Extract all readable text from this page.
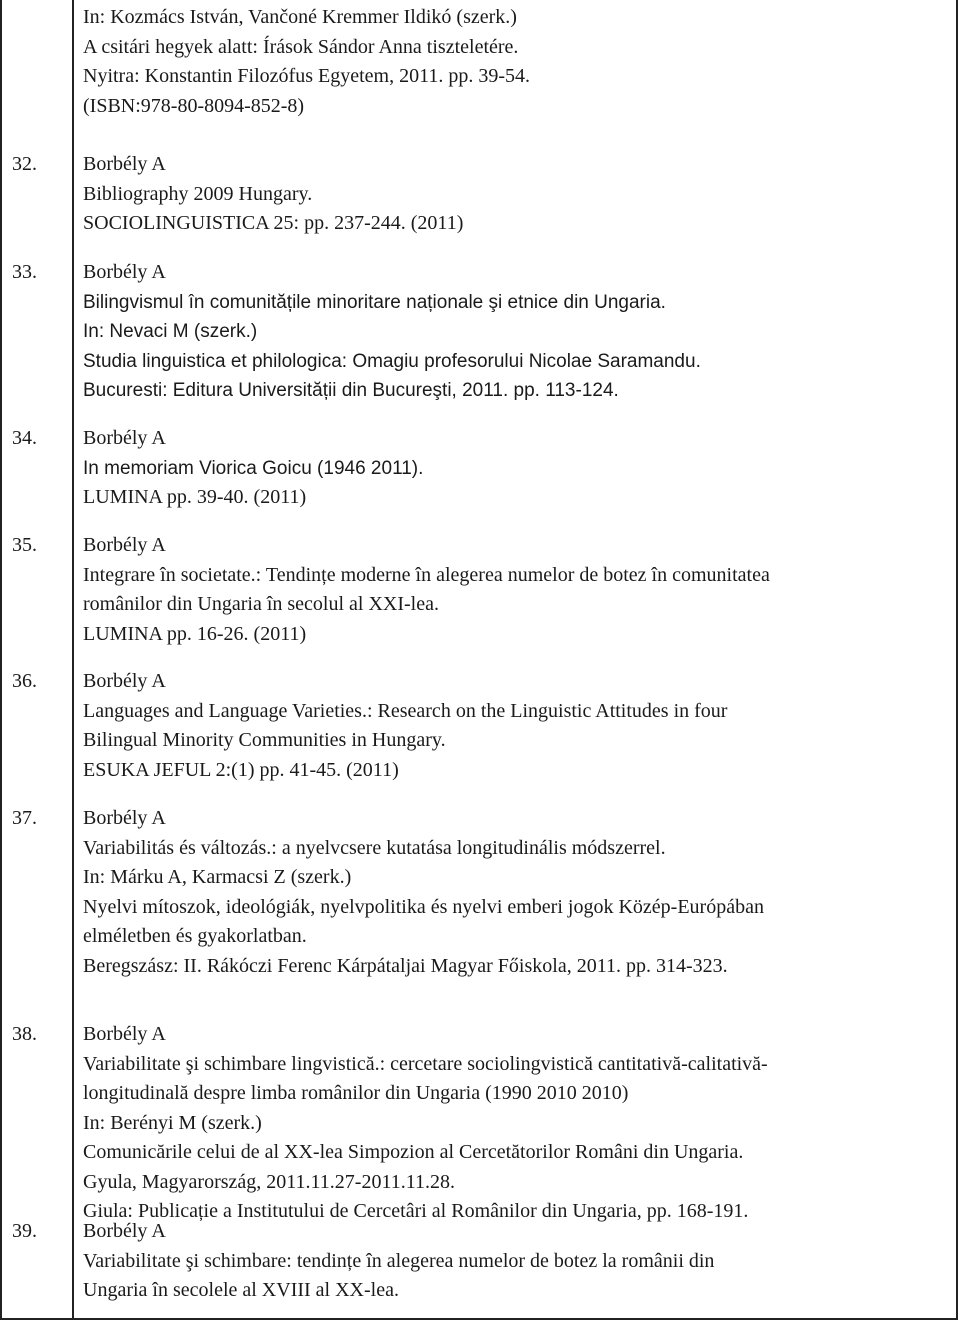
In: Kozmács István, Vančoné Kremmer Ildikó (szerk.)
A csitári hegyek alatt: Írások Sándor Anna tiszteletére.
Nyitra: Konstantin Filozófus Egyetem, 2011. pp. 39-54.
(ISBN:978-80-8094-852-8)
32. Borbély A
Bibliography 2009 Hungary.
SOCIOLINGUISTICA 25: pp. 237-244. (2011)
33. Borbély A
Bilingvismul în comunitățile minoritare naționale şi etnice din Ungaria.
In: Nevaci M (szerk.)
Studia linguistica et philologica: Omagiu profesorului Nicolae Saramandu.
Bucuresti: Editura Universității din Bucureşti, 2011. pp. 113-124.
34. Borbély A
In memoriam Viorica Goicu (1946 2011).
LUMINA pp. 39-40. (2011)
35. Borbély A
Integrare în societate.: Tendințe moderne în alegerea numelor de botez în comunitatea
românilor din Ungaria în secolul al XXI-lea.
LUMINA pp. 16-26. (2011)
36. Borbély A
Languages and Language Varieties.: Research on the Linguistic Attitudes in four
Bilingual Minority Communities in Hungary.
ESUKA JEFUL 2:(1) pp. 41-45. (2011)
37. Borbély A
Variabilitás és változás.: a nyelvcsere kutatása longitudinális módszerrel.
In: Márku A, Karmacsi Z (szerk.)
Nyelvi mítoszok, ideológiák, nyelvpolitika és nyelvi emberi jogok Közép-Európában
elméletben és gyakorlatban.
Beregszász: II. Rákóczi Ferenc Kárpátaljai Magyar Főiskola, 2011. pp. 314-323.
38. Borbély A
Variabilitate şi schimbare lingvistică.: cercetare sociolingvistică cantitativă-calitativă-
longitudinală despre limba românilor din Ungaria (1990 2010 2010)
In: Berényi M (szerk.)
Comunicările celui de al XX-lea Simpozion al Cercetătorilor Români din Ungaria.
Gyula, Magyarország, 2011.11.27-2011.11.28.
Giula: Publicație a Institutului de Cercetâri al Românilor din Ungaria, pp. 168-191.
39. Borbély A
Variabilitate şi schimbare: tendințe în alegerea numelor de botez la românii din
Ungaria în secolele al XVIII al XX-lea.
